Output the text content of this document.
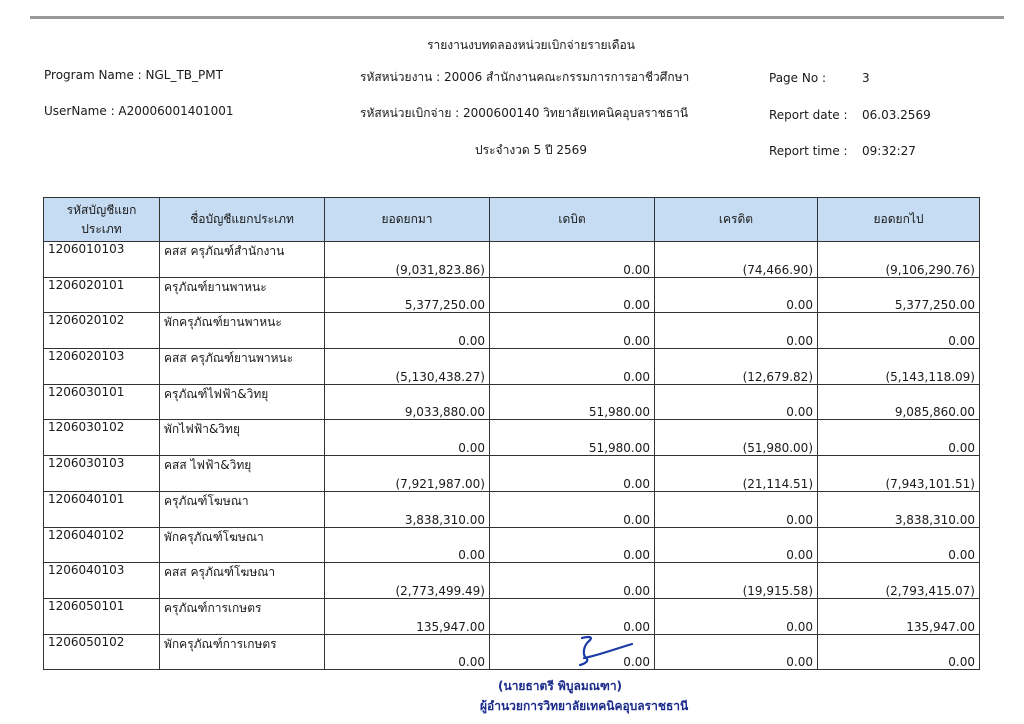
รายงานงบทดลองหน่วยเบิกจ่ายรายเดือน
Program Name : NGL_TB_PMT
UserName : A20006001401001
รหัสหน่วยงาน : 20006 สำนักงานคณะกรรมการการอาชีวศึกษา
รหัสหน่วยเบิกจ่าย : 2000600140 วิทยาลัยเทคนิคอุบลราชธานี
ประจำงวด 5 ปี 2569
Page No :	3
Report date : 06.03.2569
Report time : 09:32:27
รหัสบัญชีแยกประเภท	ชื่อบัญชีแยกประเภท	ยอดยกมา	เดบิต	เครดิต	ยอดยกไป
1206010103	คสส ครุภัณฑ์สำนักงาน	(9,031,823.86)	0.00	(74,466.90)	(9,106,290.76)
1206020101	ครุภัณฑ์ยานพาหนะ	5,377,250.00	0.00	0.00	5,377,250.00
1206020102	พักครุภัณฑ์ยานพาหนะ	0.00	0.00	0.00	0.00
1206020103	คสส ครุภัณฑ์ยานพาหนะ	(5,130,438.27)	0.00	(12,679.82)	(5,143,118.09)
1206030101	ครุภัณฑ์ไฟฟ้า&วิทยุ	9,033,880.00	51,980.00	0.00	9,085,860.00
1206030102	พักไฟฟ้า&วิทยุ	0.00	51,980.00	(51,980.00)	0.00
1206030103	คสส ไฟฟ้า&วิทยุ	(7,921,987.00)	0.00	(21,114.51)	(7,943,101.51)
1206040101	ครุภัณฑ์โฆษณา	3,838,310.00	0.00	0.00	3,838,310.00
1206040102	พักครุภัณฑ์โฆษณา	0.00	0.00	0.00	0.00
1206040103	คสส ครุภัณฑ์โฆษณา	(2,773,499.49)	0.00	(19,915.58)	(2,793,415.07)
1206050101	ครุภัณฑ์การเกษตร	135,947.00	0.00	0.00	135,947.00
1206050102	พักครุภัณฑ์การเกษตร	0.00	0.00	0.00	0.00
(นายธาตรี พิบูลมณฑา)
ผู้อำนวยการวิทยาลัยเทคนิคอุบลราชธานี
